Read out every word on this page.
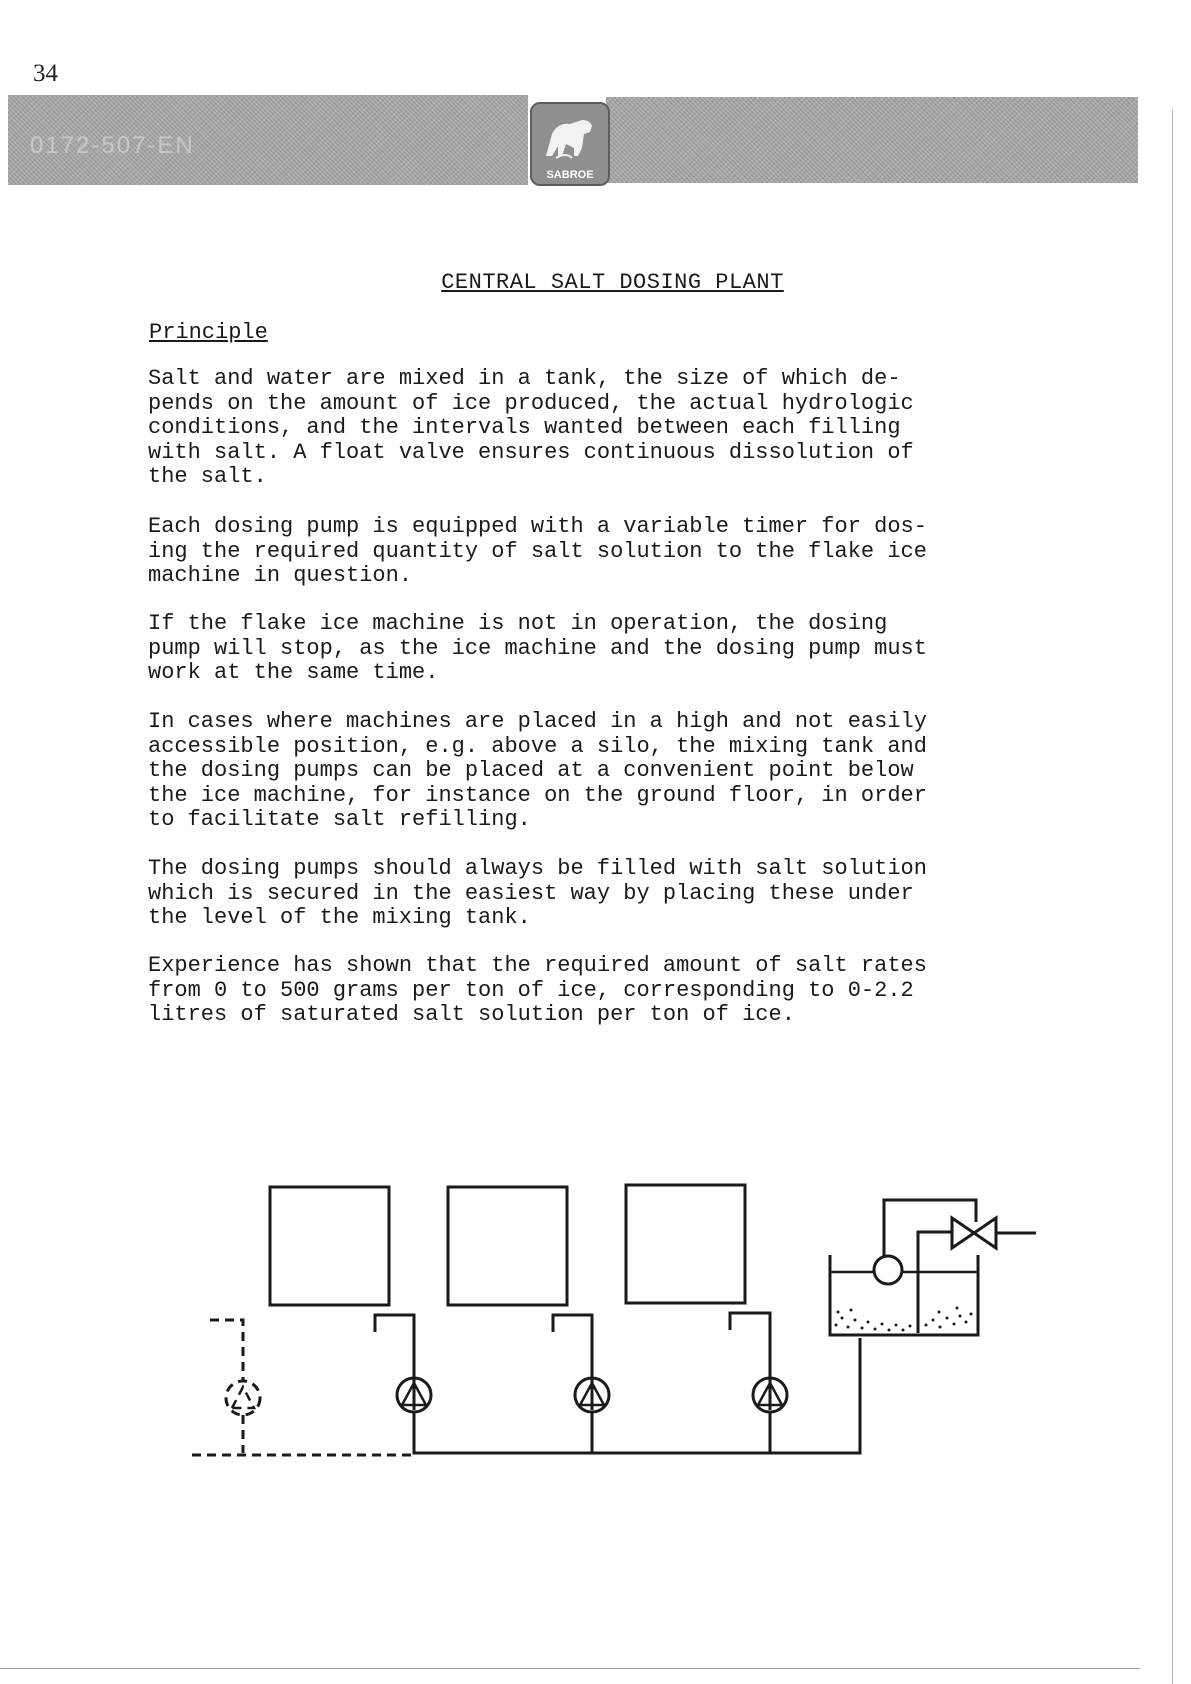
34
0172-507-EN
SABROE
CENTRAL SALT DOSING PLANT
Principle

Salt and water are mixed in a tank, the size of which de-
pends on the amount of ice produced, the actual hydrologic
conditions, and the intervals wanted between each filling
with salt. A float valve ensures continuous dissolution of
the salt.

Each dosing pump is equipped with a variable timer for dos-
ing the required quantity of salt solution to the flake ice
machine in question.

If the flake ice machine is not in operation, the dosing
pump will stop, as the ice machine and the dosing pump must
work at the same time.

In cases where machines are placed in a high and not easily
accessible position, e.g. above a silo, the mixing tank and
the dosing pumps can be placed at a convenient point below
the ice machine, for instance on the ground floor, in order
to facilitate salt refilling.

The dosing pumps should always be filled with salt solution
which is secured in the easiest way by placing these under
the level of the mixing tank.

Experience has shown that the required amount of salt rates
from 0 to 500 grams per ton of ice, corresponding to 0-2.2
litres of saturated salt solution per ton of ice.
